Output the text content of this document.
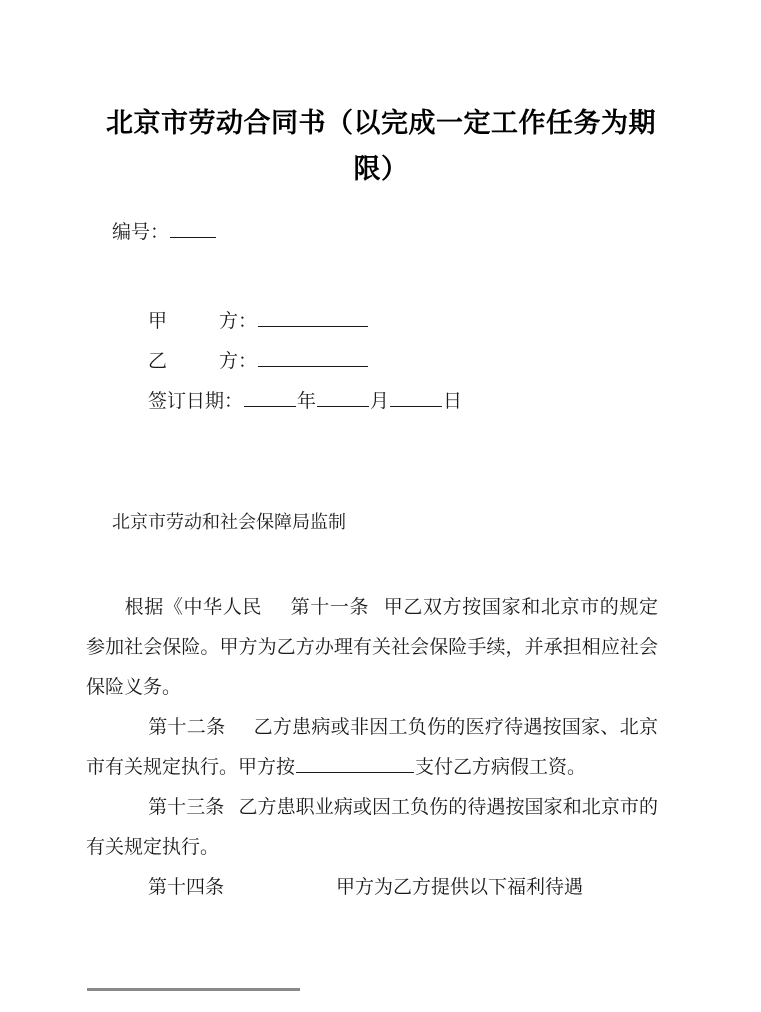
北京市劳动合同书（以完成一定工作任务为期限）
编号：
甲	方：
乙	方：
签订日期：	年	月	日
北京市劳动和社会保障局监制

根据《中华人民 第十一条 甲乙双方按国家和北京市的规定参加社会保险。甲方为乙方办理有关社会保险手续，并承担相应社会保险义务。

第十二条 乙方患病或非因工负伤的医疗待遇按国家、北京市有关规定执行。甲方按	支付乙方病假工资。

第十三条 乙方患职业病或因工负伤的待遇按国家和北京市的有关规定执行。

第十四条	甲方为乙方提供以下福利待遇
